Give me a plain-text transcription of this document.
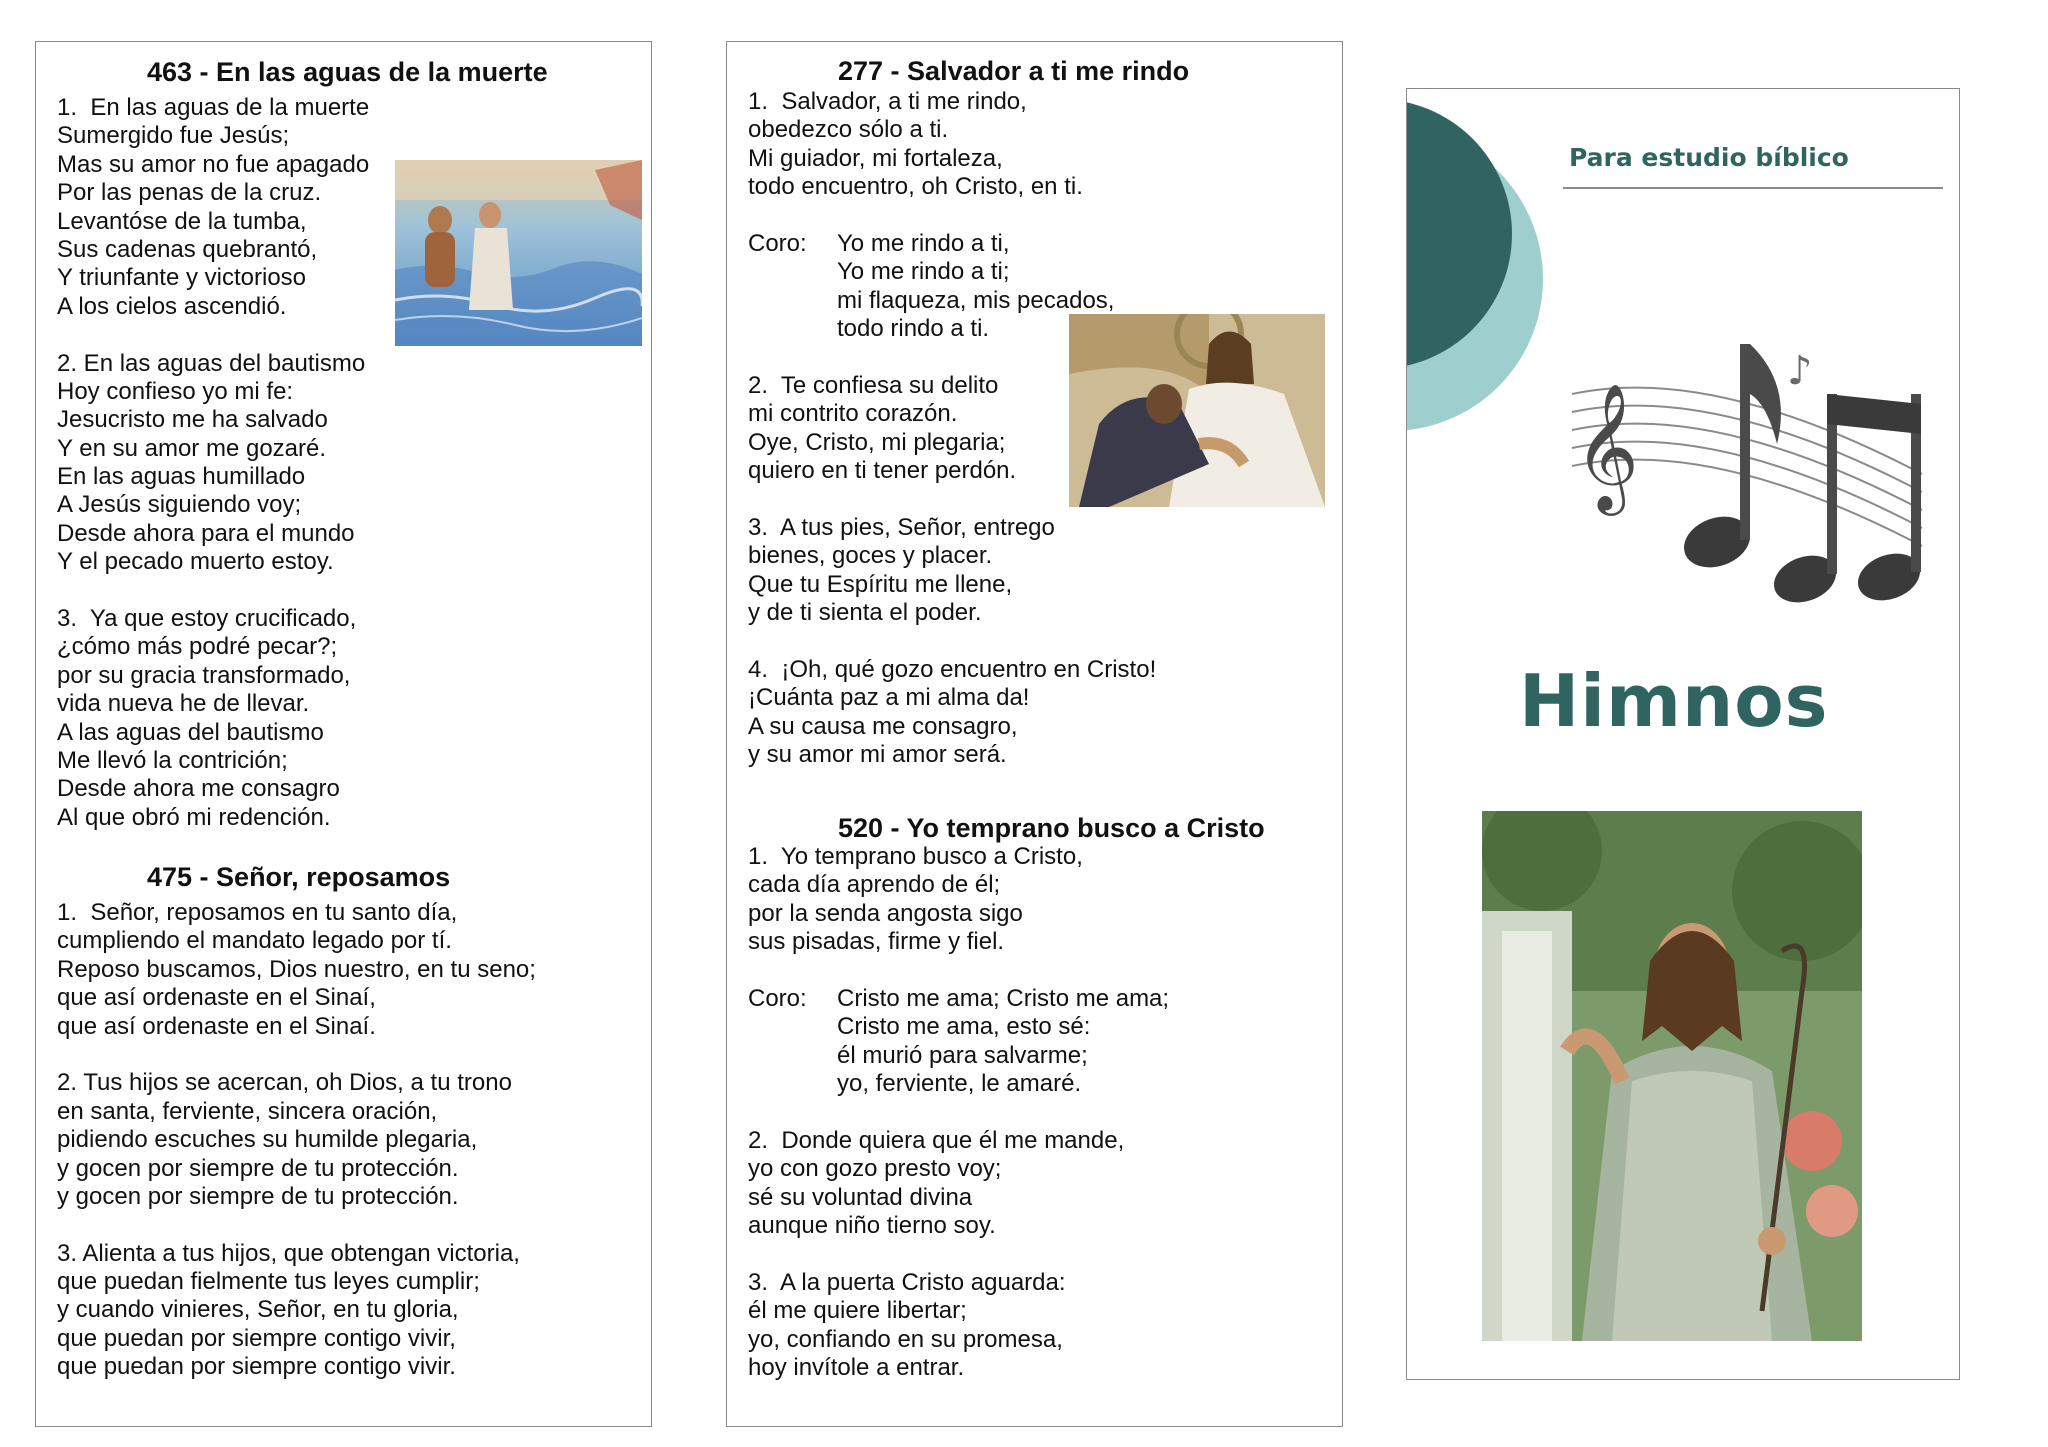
463 - En las aguas de la muerte
1.  En las aguas de la muerte
Sumergido fue Jesús;
Mas su amor no fue apagado
Por las penas de la cruz.
Levantóse de la tumba,
Sus cadenas quebrantó,
Y triunfante y victorioso
A los cielos ascendió.

2. En las aguas del bautismo
Hoy confieso yo mi fe:
Jesucristo me ha salvado
Y en su amor me gozaré.
En las aguas humillado
A Jesús siguiendo voy;
Desde ahora para el mundo
Y el pecado muerto estoy.

3.  Ya que estoy crucificado,
¿cómo más podré pecar?;
por su gracia transformado,
vida nueva he de llevar.
A las aguas del bautismo
Me llevó la contrición;
Desde ahora me consagro
Al que obró mi redención.
475 - Señor, reposamos
1.  Señor, reposamos en tu santo día,
cumpliendo el mandato legado por tí.
Reposo buscamos, Dios nuestro, en tu seno;
que así ordenaste en el Sinaí,
que así ordenaste en el Sinaí.

2. Tus hijos se acercan, oh Dios, a tu trono
en santa, ferviente, sincera oración,
pidiendo escuches su humilde plegaria,
y gocen por siempre de tu protección.
y gocen por siempre de tu protección.

3. Alienta a tus hijos, que obtengan victoria,
que puedan fielmente tus leyes cumplir;
y cuando vinieres, Señor, en tu gloria,
que puedan por siempre contigo vivir,
que puedan por siempre contigo vivir.
277 - Salvador a ti me rindo
1.  Salvador, a ti me rindo,
obedezco sólo a ti.
Mi guiador, mi fortaleza,
todo encuentro, oh Cristo, en ti.
Coro: Yo me rindo a ti,
Yo me rindo a ti;
mi flaqueza, mis pecados,
todo rindo a ti.
2.  Te confiesa su delito
mi contrito corazón.
Oye, Cristo, mi plegaria;
quiero en ti tener perdón.

3.  A tus pies, Señor, entrego
bienes, goces y placer.
Que tu Espíritu me llene,
y de ti sienta el poder.

4.  ¡Oh, qué gozo encuentro en Cristo!
¡Cuánta paz a mi alma da!
A su causa me consagro,
y su amor mi amor será.
520 - Yo temprano busco a Cristo
1.  Yo temprano busco a Cristo,
cada día aprendo de él;
por la senda angosta sigo
sus pisadas, firme y fiel.
Coro: Cristo me ama; Cristo me ama;
Cristo me ama, esto sé:
él murió para salvarme;
yo, ferviente, le amaré.
2.  Donde quiera que él me mande,
yo con gozo presto voy;
sé su voluntad divina
aunque niño tierno soy.

3.  A la puerta Cristo aguarda:
él me quiere libertar;
yo, confiando en su promesa,
hoy invítole a entrar.
Para estudio bíblico
𝄞
♪
Himnos
